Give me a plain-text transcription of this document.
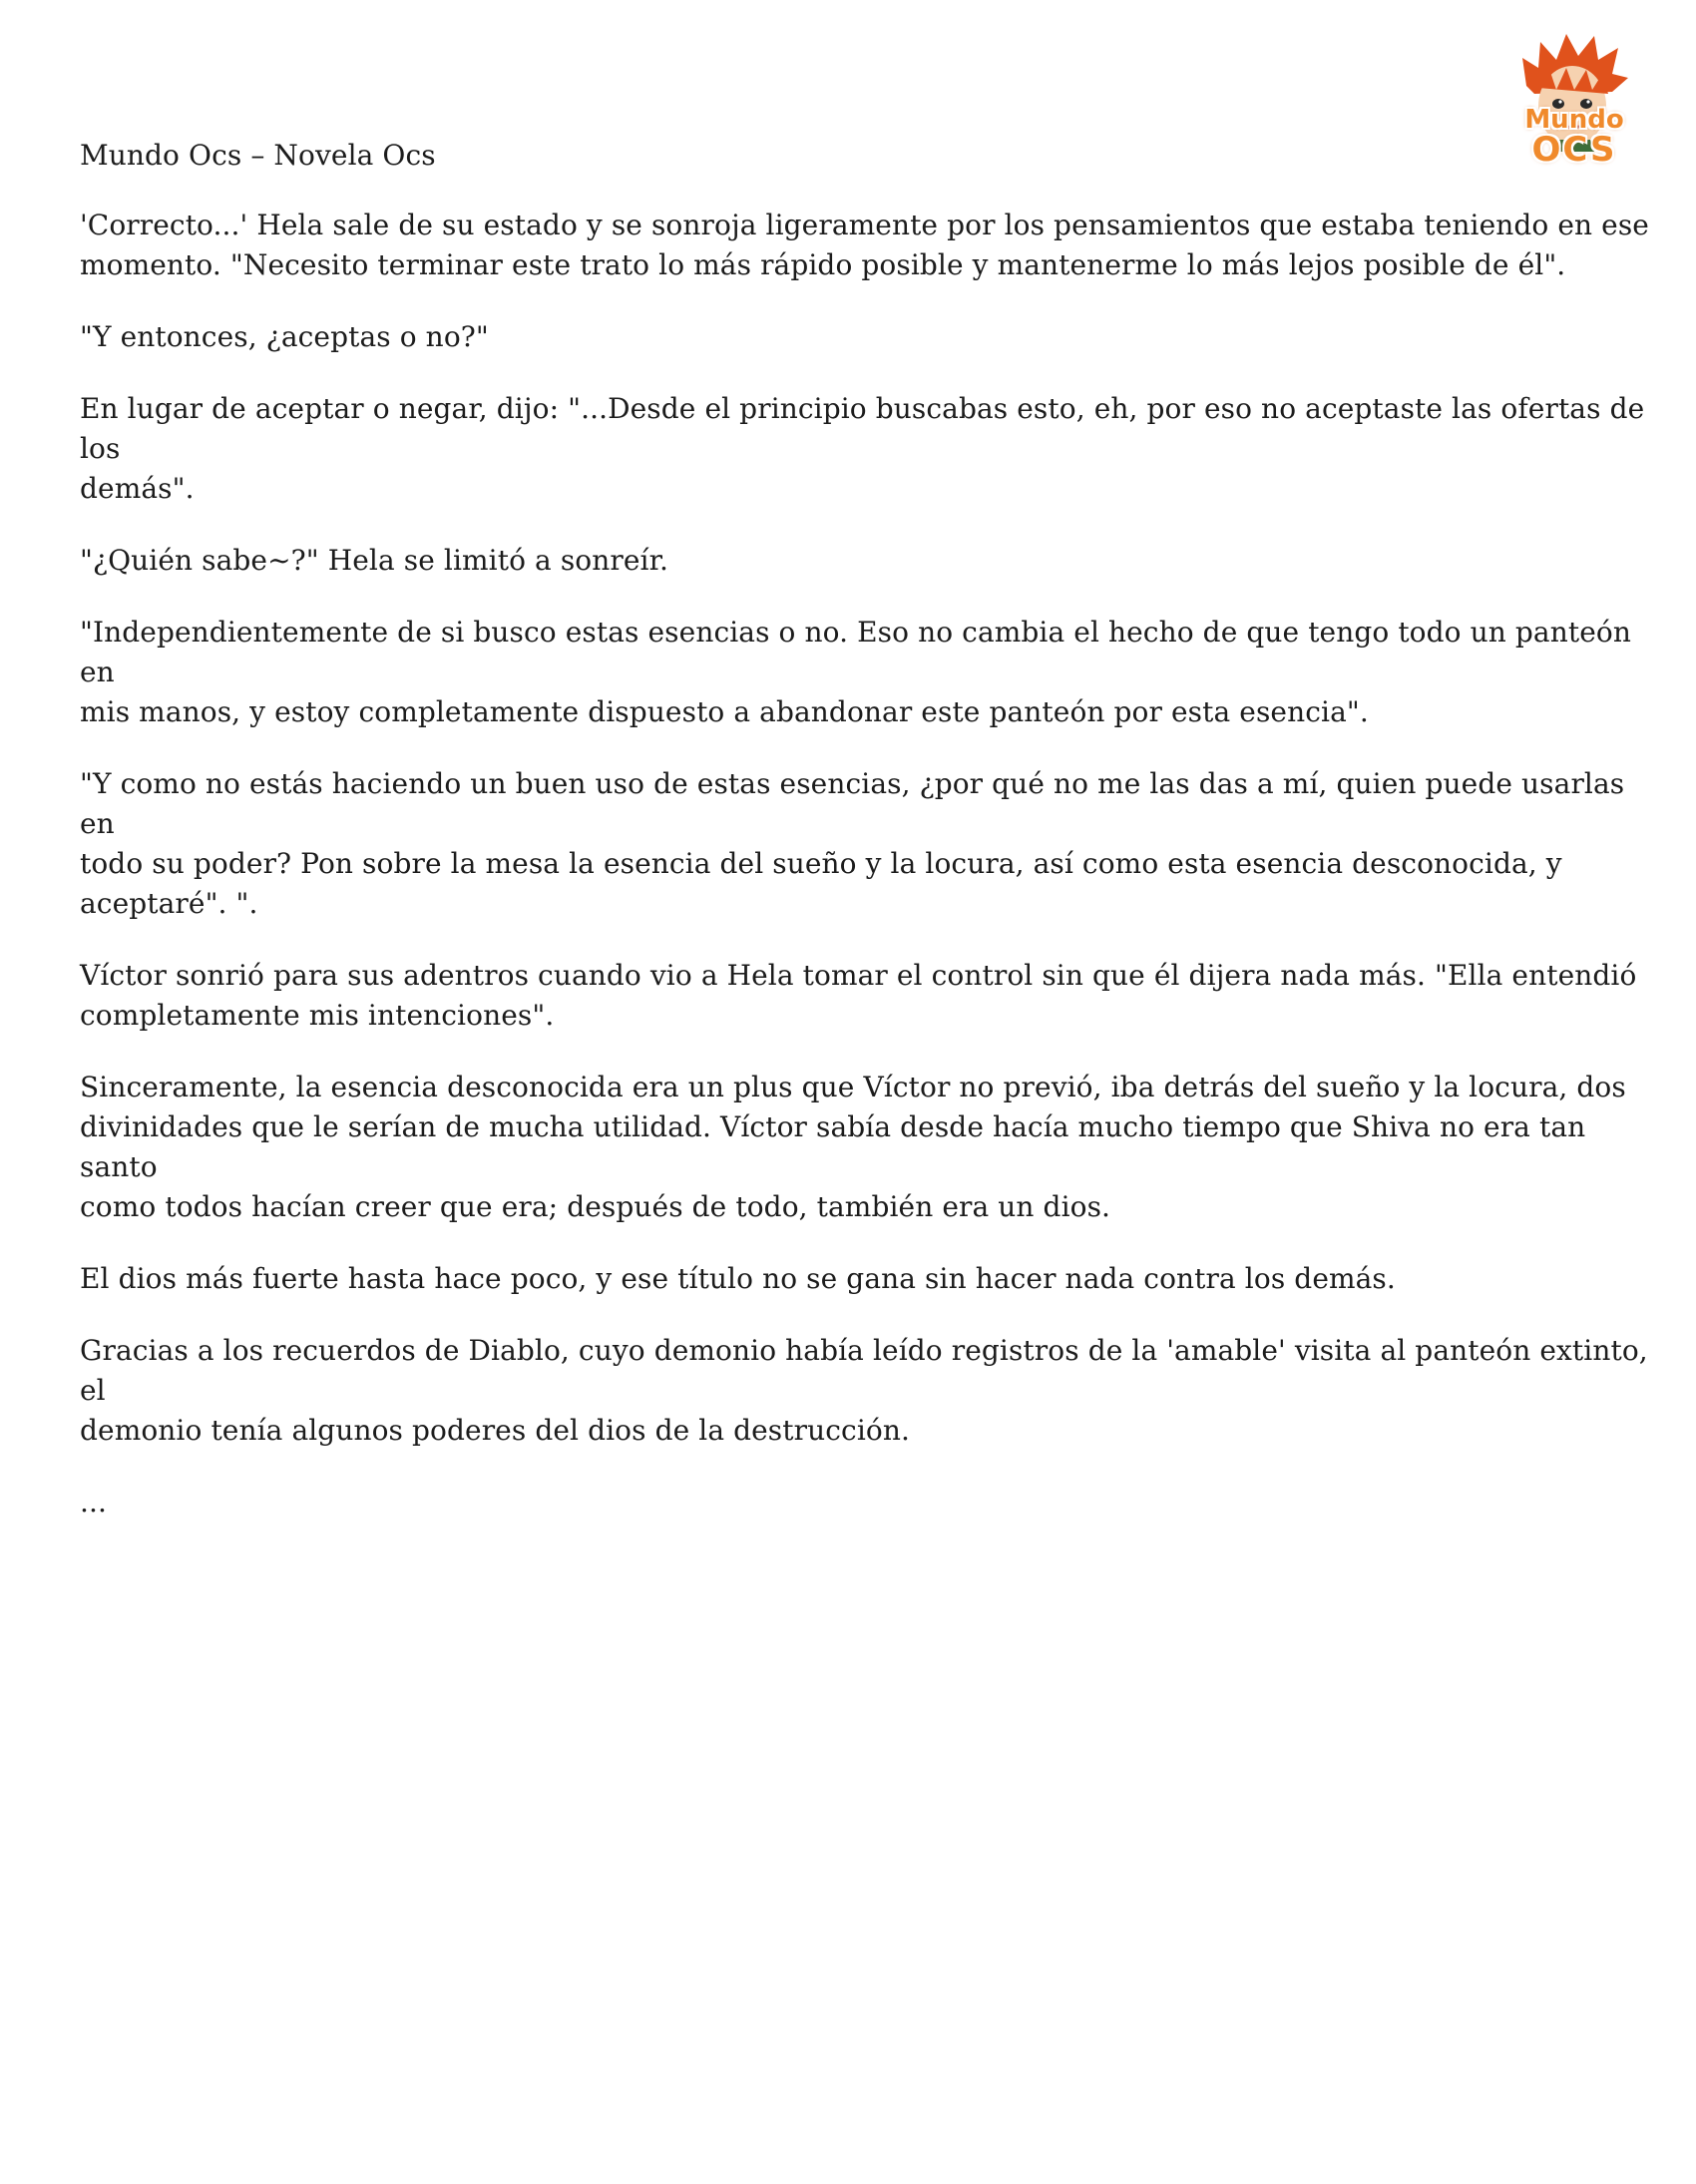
Mundo Ocs – Novela Ocs
Mundo
OCS

'Correcto...' Hela sale de su estado y se sonroja ligeramente por los pensamientos que estaba teniendo en ese
momento. "Necesito terminar este trato lo más rápido posible y mantenerme lo más lejos posible de él".

"Y entonces, ¿aceptas o no?"

En lugar de aceptar o negar, dijo: "...Desde el principio buscabas esto, eh, por eso no aceptaste las ofertas de los
demás".

"¿Quién sabe~?" Hela se limitó a sonreír.

"Independientemente de si busco estas esencias o no. Eso no cambia el hecho de que tengo todo un panteón en
mis manos, y estoy completamente dispuesto a abandonar este panteón por esta esencia".

"Y como no estás haciendo un buen uso de estas esencias, ¿por qué no me las das a mí, quien puede usarlas en
todo su poder? Pon sobre la mesa la esencia del sueño y la locura, así como esta esencia desconocida, y
aceptaré". ".

Víctor sonrió para sus adentros cuando vio a Hela tomar el control sin que él dijera nada más. "Ella entendió
completamente mis intenciones".

Sinceramente, la esencia desconocida era un plus que Víctor no previó, iba detrás del sueño y la locura, dos
divinidades que le serían de mucha utilidad. Víctor sabía desde hacía mucho tiempo que Shiva no era tan santo
como todos hacían creer que era; después de todo, también era un dios.

El dios más fuerte hasta hace poco, y ese título no se gana sin hacer nada contra los demás.

Gracias a los recuerdos de Diablo, cuyo demonio había leído registros de la 'amable' visita al panteón extinto, el
demonio tenía algunos poderes del dios de la destrucción.

...
